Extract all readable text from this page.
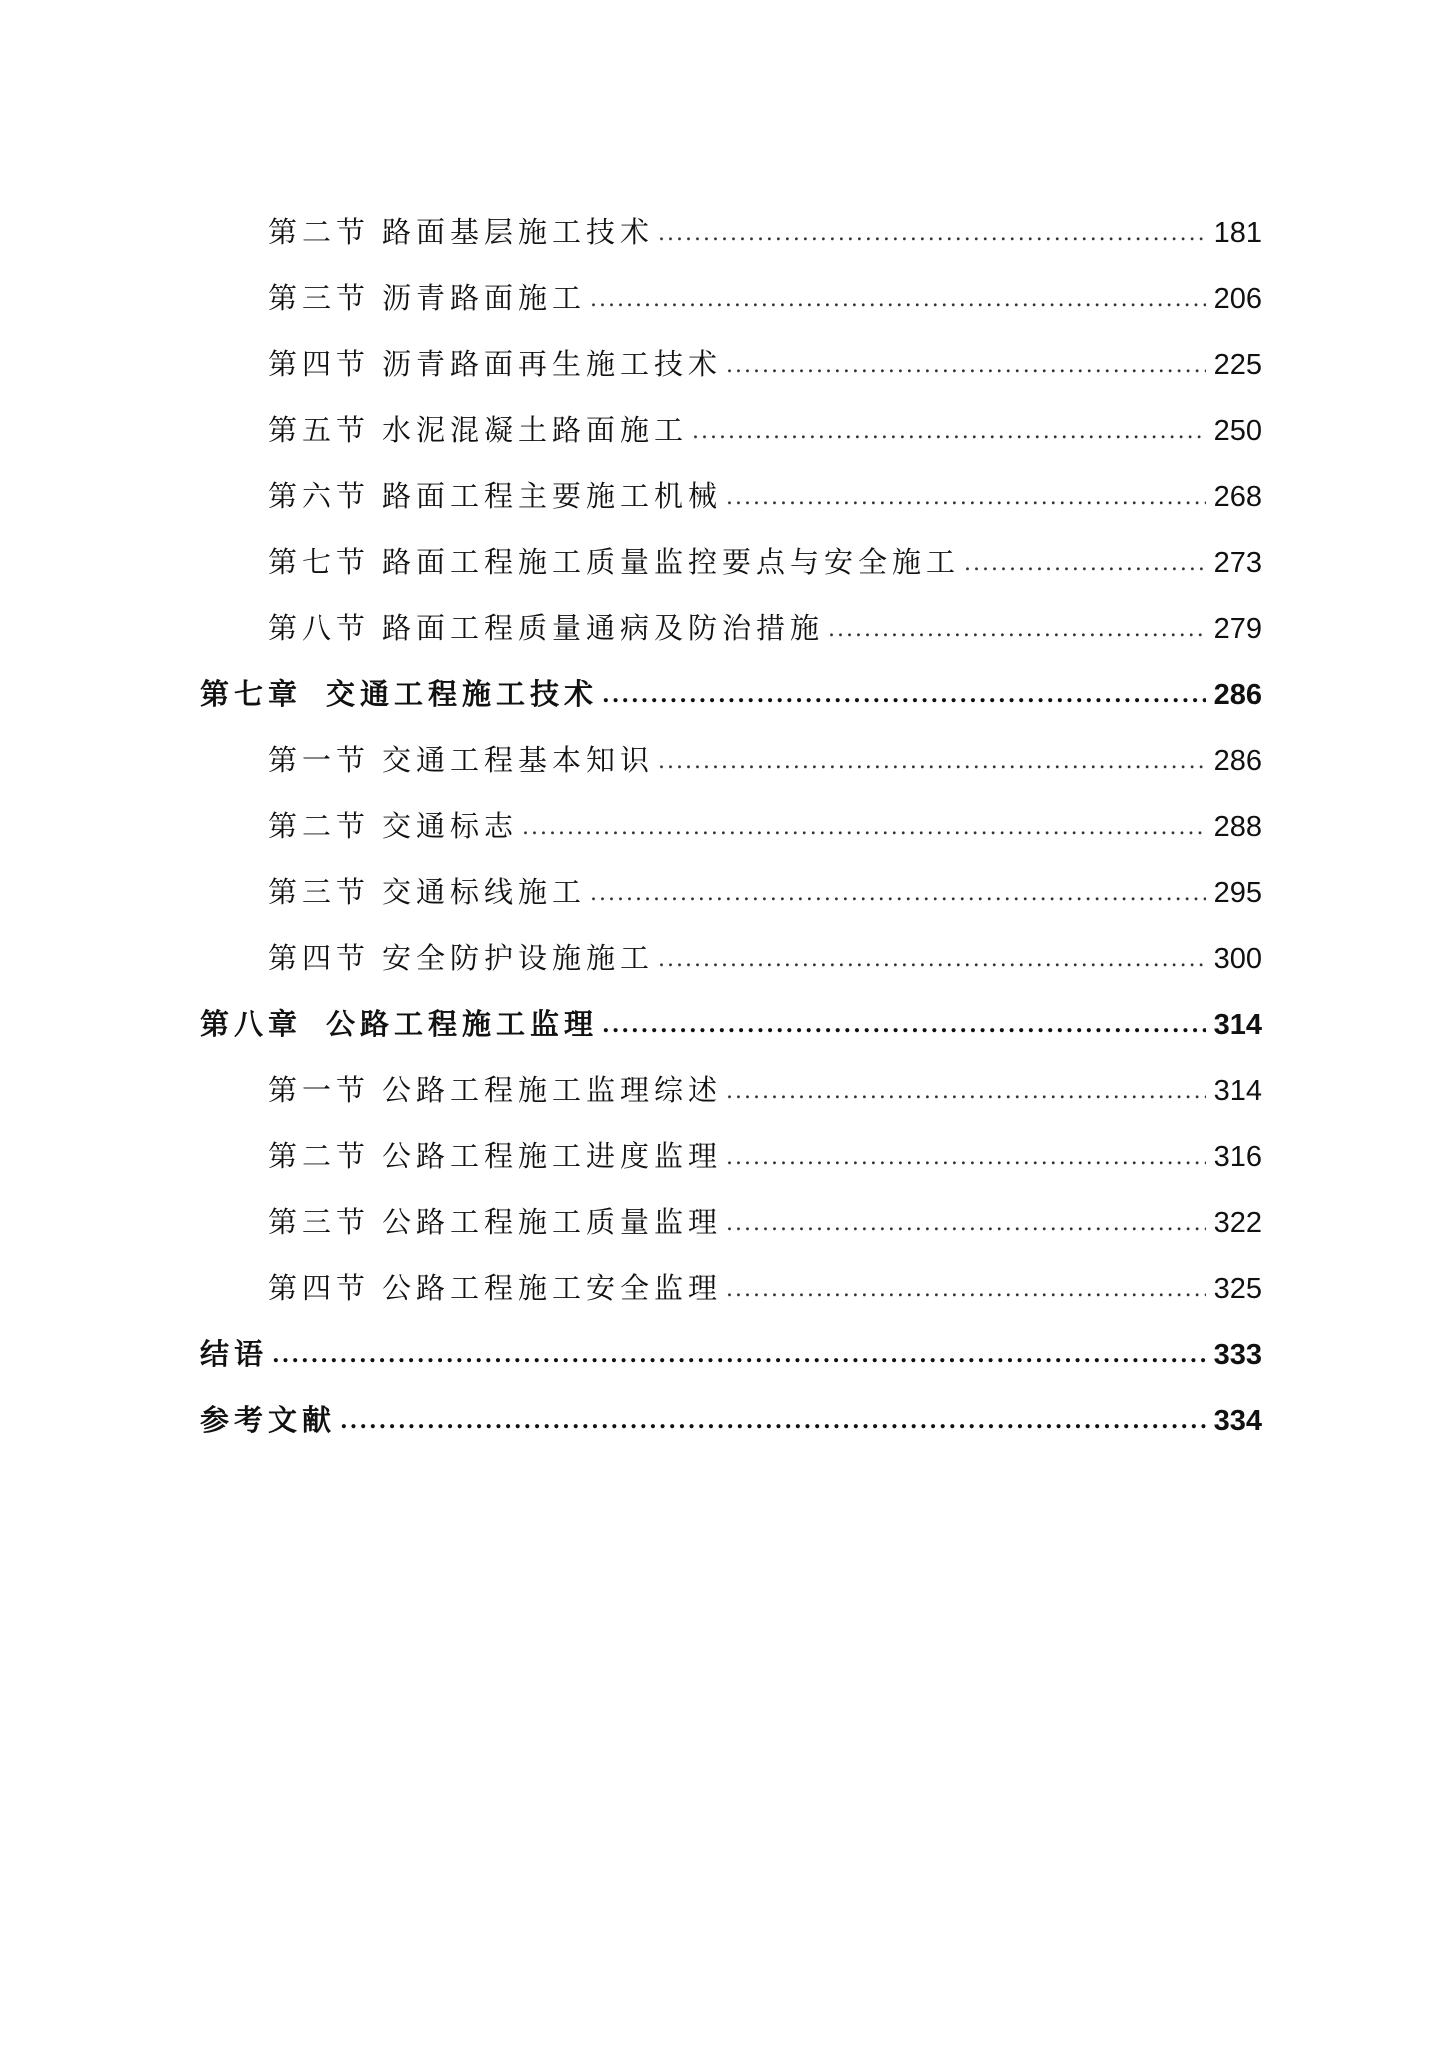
第二节 路面基层施工技术 .....	181
第三节 沥青路面施工 .....	206
第四节 沥青路面再生施工技术 .....	225
第五节 水泥混凝土路面施工 .....	250
第六节 路面工程主要施工机械 .....	268
第七节 路面工程施工质量监控要点与安全施工 .....	273
第八节 路面工程质量通病及防治措施 .....	279
第七章 交通工程施工技术 .....	286
第一节 交通工程基本知识 .....	286
第二节 交通标志 .....	288
第三节 交通标线施工 .....	295
第四节 安全防护设施施工 .....	300
第八章 公路工程施工监理 .....	314
第一节 公路工程施工监理综述 .....	314
第二节 公路工程施工进度监理 .....	316
第三节 公路工程施工质量监理 .....	322
第四节 公路工程施工安全监理 .....	325
结语 .....	333
参考文献 .....	334
